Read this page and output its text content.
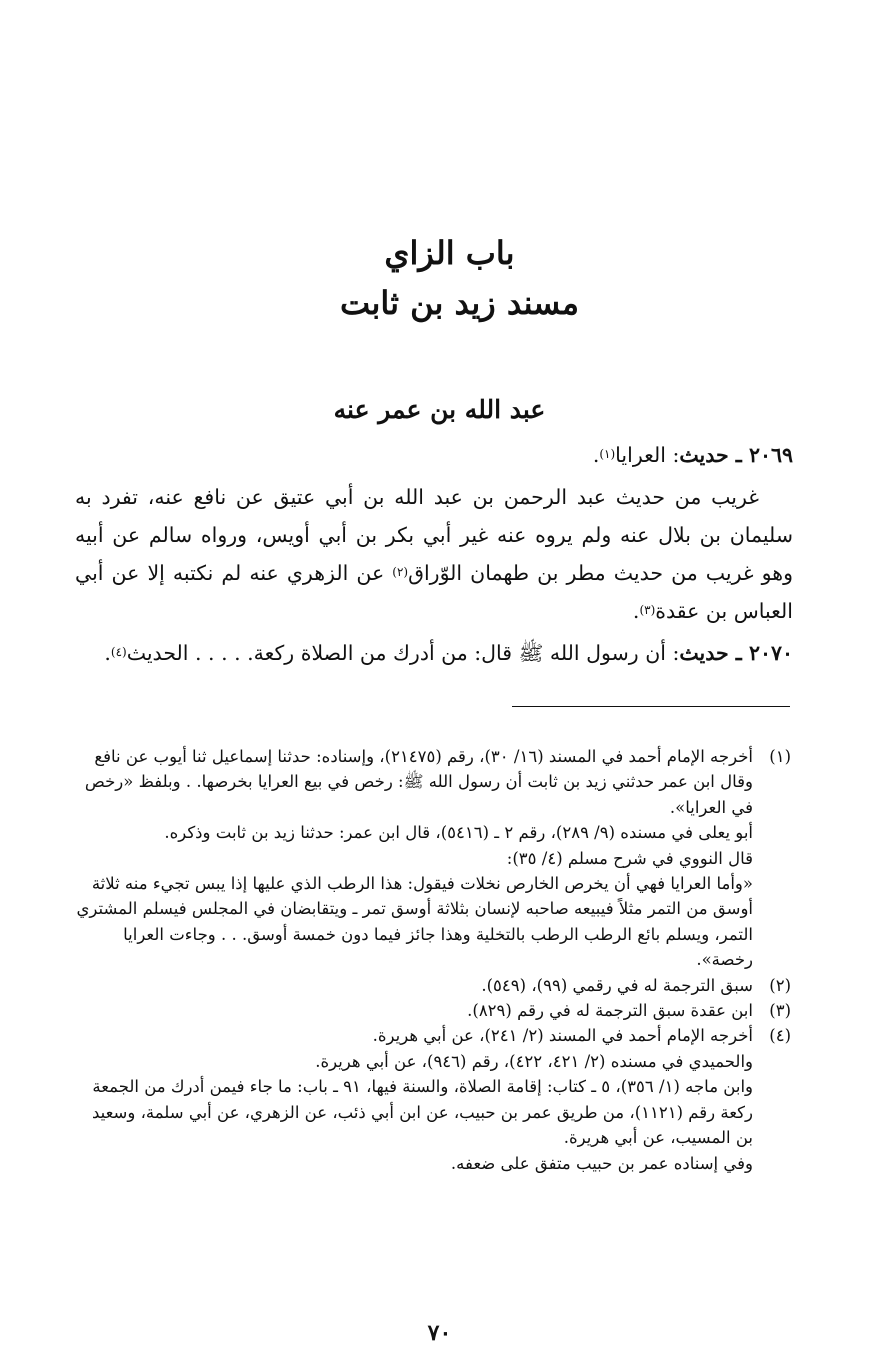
باب الزاي
مسند زيد بن ثابت
عبد الله بن عمر عنه

٢٠٦٩ ـ حديث: العرايا$^{(١)}$.

غريب من حديث عبد الرحمن بن عبد الله بن أبي عتيق عن نافع عنه، تفرد به سليمان بن بلال عنه ولم يروه عنه غير أبي بكر بن أبي أويس، ورواه سالم عن أبيه وهو غريب من حديث مطر بن طهمان الوّراق$^{(٢)}$ عن الزهري عنه لم نكتبه إلا عن أبي العباس بن عقدة$^{(٣)}$.

٢٠٧٠ ـ حديث: أن رسول الله ﷺ قال: من أدرك من الصلاة ركعة. . . . . الحديث$^{(٤)}$.

(١)

أخرجه الإمام أحمد في المسند (١٦/ ٣٠)، رقم (٢١٤٧٥)، وإسناده: حدثنا إسماعيل ثنا أيوب عن نافع وقال ابن عمر حدثني زيد بن ثابت أن رسول الله ﷺ: رخص في بيع العرايا بخرصها. . وبلفظ «رخص في العرايا».

أبو يعلى في مسنده (٩/ ٢٨٩)، رقم ٢ ـ (٥٤١٦)، قال ابن عمر: حدثنا زيد بن ثابت وذكره.

قال النووي في شرح مسلم (٤/ ٣٥):

«وأما العرايا فهي أن يخرص الخارص نخلات فيقول: هذا الرطب الذي عليها إذا يبس تجيء منه ثلاثة أوسق من التمر مثلاً فيبيعه صاحبه لإنسان بثلاثة أوسق تمر ـ ويتقابضان في المجلس فيسلم المشتري التمر، ويسلم بائع الرطب الرطب بالتخلية وهذا جائز فيما دون خمسة أوسق. . . وجاءت العرايا رخصة».

(٢)

سبق الترجمة له في رقمي (٩٩)، (٥٤٩).

(٣)

ابن عقدة سبق الترجمة له في رقم (٨٢٩).

(٤)

أخرجه الإمام أحمد في المسند (٢/ ٢٤١)، عن أبي هريرة.

والحميدي في مسنده (٢/ ٤٢١، ٤٢٢)، رقم (٩٤٦)، عن أبي هريرة.

وابن ماجه (١/ ٣٥٦)، ٥ ـ كتاب: إقامة الصلاة، والسنة فيها، ٩١ ـ باب: ما جاء فيمن أدرك من الجمعة ركعة رقم (١١٢١)، من طريق عمر بن حبيب، عن ابن أبي ذئب، عن الزهري، عن أبي سلمة، وسعيد بن المسيب، عن أبي هريرة.

وفي إسناده عمر بن حبيب متفق على ضعفه.

٧٠
